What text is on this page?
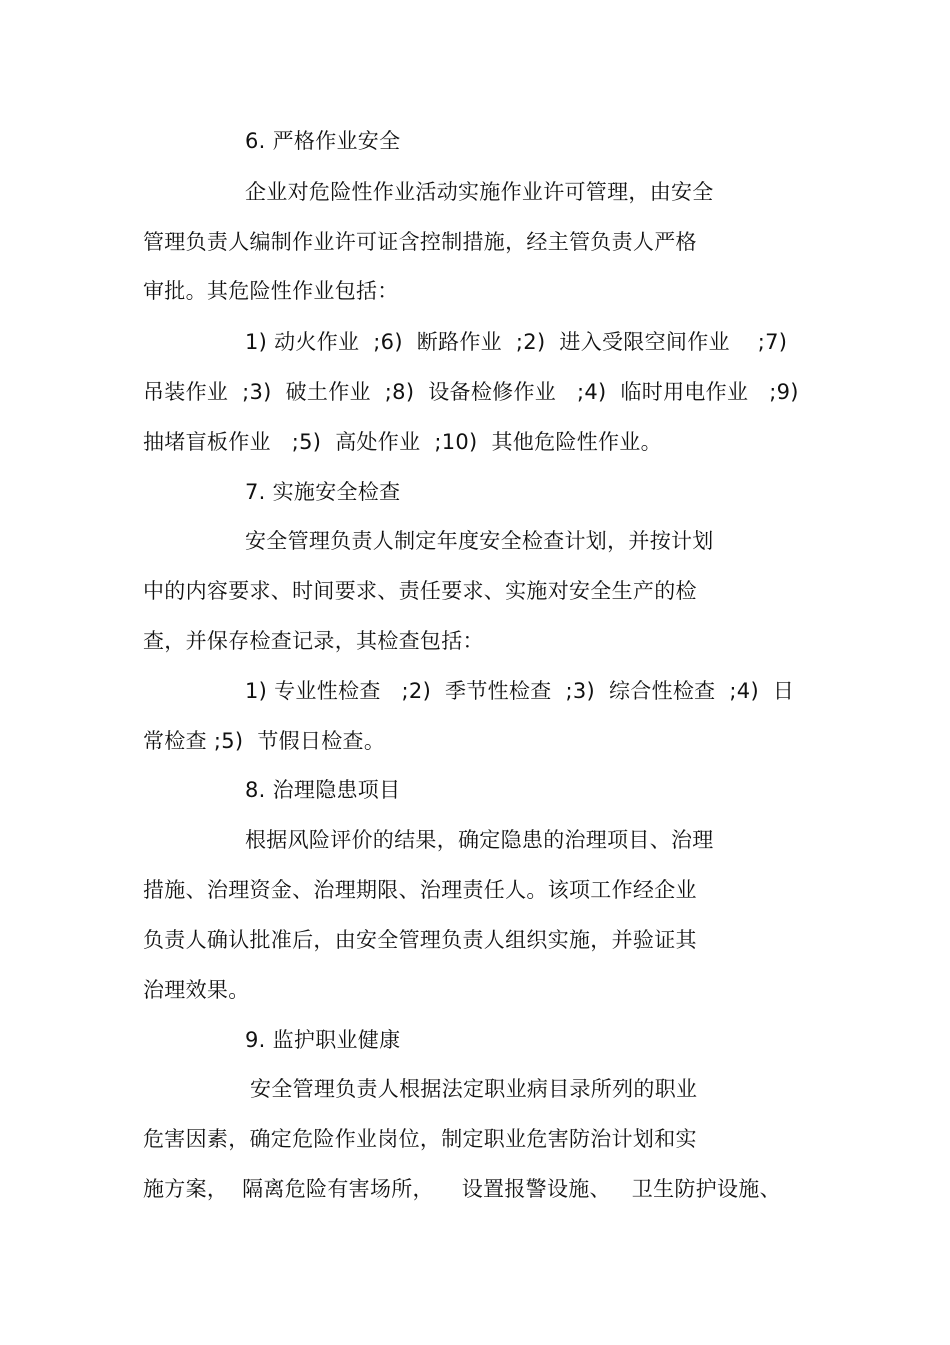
6. 严格作业安全
企业对危险性作业活动实施作业许可管理，由安全
管理负责人编制作业许可证含控制措施，经主管负责人严格
审批。其危险性作业包括：
1) 动火作业  ;6)  断路作业  ;2)  进入受限空间作业    ;7)
吊装作业  ;3)  破土作业  ;8)  设备检修作业   ;4)  临时用电作业   ;9)
抽堵盲板作业   ;5)  高处作业  ;10)  其他危险性作业。
7. 实施安全检查
安全管理负责人制定年度安全检查计划，并按计划
中的内容要求、时间要求、责任要求、实施对安全生产的检
查，并保存检查记录，其检查包括：
1) 专业性检查   ;2)  季节性检查  ;3)  综合性检查  ;4)  日
常检查 ;5)  节假日检查。
8. 治理隐患项目
根据风险评价的结果，确定隐患的治理项目、治理
措施、治理资金、治理期限、治理责任人。该项工作经企业
负责人确认批准后，由安全管理负责人组织实施，并验证其
治理效果。
9. 监护职业健康
安全管理负责人根据法定职业病目录所列的职业
危害因素，确定危险作业岗位，制定职业危害防治计划和实
施方案，  隔离危险有害场所，    设置报警设施、   卫生防护设施、
